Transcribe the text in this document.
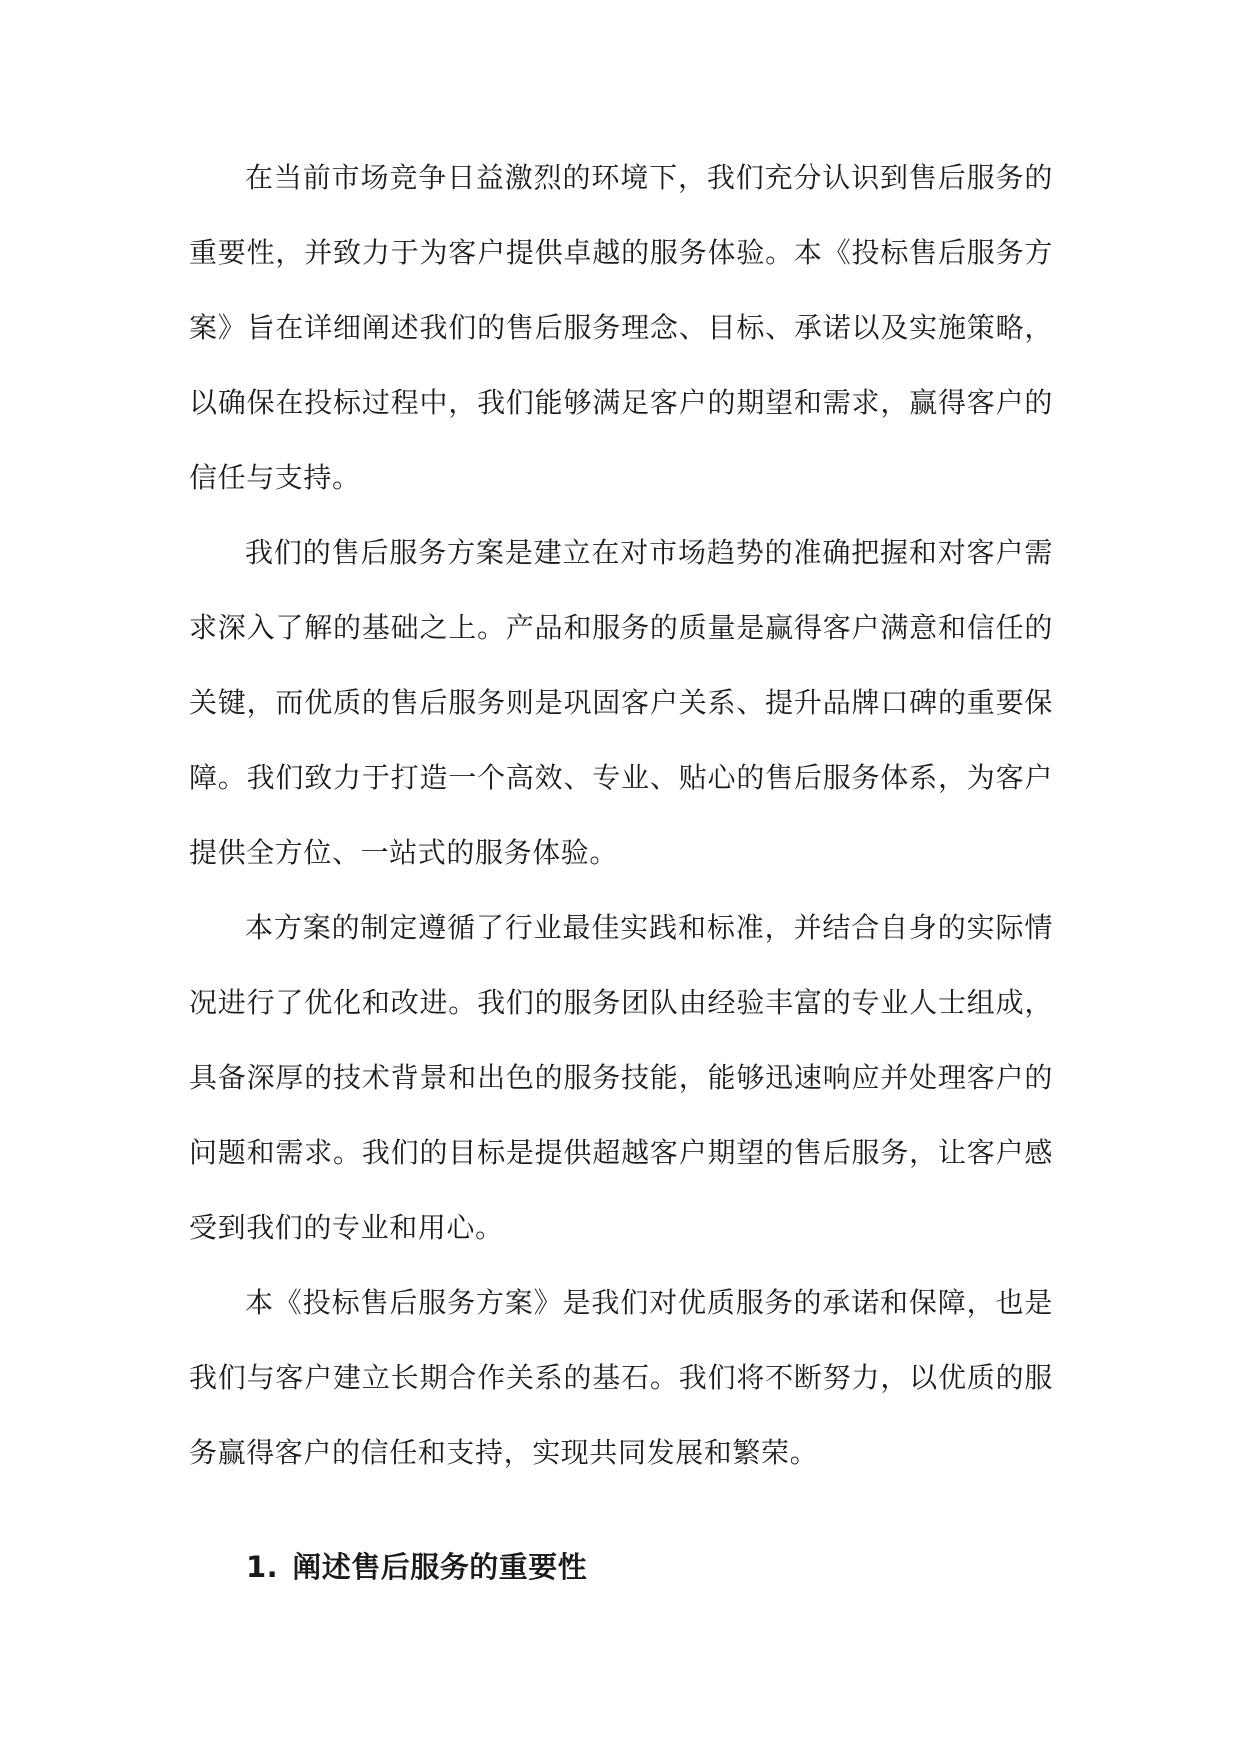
在当前市场竞争日益激烈的环境下，我们充分认识到售后服务的重要性，并致力于为客户提供卓越的服务体验。本《投标售后服务方案》旨在详细阐述我们的售后服务理念、目标、承诺以及实施策略，以确保在投标过程中，我们能够满足客户的期望和需求，赢得客户的信任与支持。

我们的售后服务方案是建立在对市场趋势的准确把握和对客户需求深入了解的基础之上。产品和服务的质量是赢得客户满意和信任的关键，而优质的售后服务则是巩固客户关系、提升品牌口碑的重要保障。我们致力于打造一个高效、专业、贴心的售后服务体系，为客户提供全方位、一站式的服务体验。

本方案的制定遵循了行业最佳实践和标准，并结合自身的实际情况进行了优化和改进。我们的服务团队由经验丰富的专业人士组成，具备深厚的技术背景和出色的服务技能，能够迅速响应并处理客户的问题和需求。我们的目标是提供超越客户期望的售后服务，让客户感受到我们的专业和用心。

本《投标售后服务方案》是我们对优质服务的承诺和保障，也是我们与客户建立长期合作关系的基石。我们将不断努力，以优质的服务赢得客户的信任和支持，实现共同发展和繁荣。

1. 阐述售后服务的重要性
